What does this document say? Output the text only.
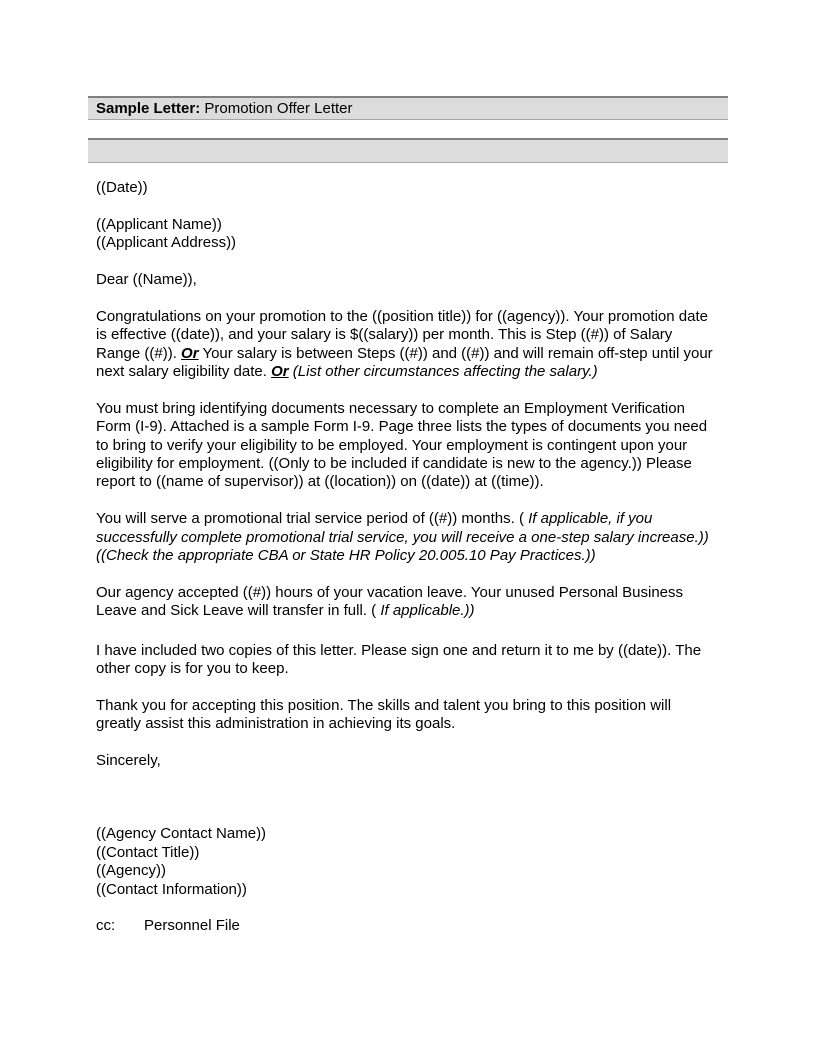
Sample Letter: Promotion Offer Letter

((Date))

((Applicant Name))

((Applicant Address))

Dear ((Name)),

Congratulations on your promotion to the ((position title)) for ((agency)). Your promotion date is effective ((date)), and your salary is $((salary)) per month. This is Step ((#)) of Salary Range ((#)). Or Your salary is between Steps ((#)) and ((#)) and will remain off-step until your next salary eligibility date. Or (List other circumstances affecting the salary.)

You must bring identifying documents necessary to complete an Employment Verification Form (I-9). Attached is a sample Form I-9. Page three lists the types of documents you need to bring to verify your eligibility to be employed. Your employment is contingent upon your eligibility for employment. ((Only to be included if candidate is new to the agency.)) Please report to ((name of supervisor)) at ((location)) on ((date)) at ((time)).

You will serve a promotional trial service period of ((#)) months. ( If applicable, if you successfully complete promotional trial service, you will receive a one-step salary increase.)) ((Check the appropriate CBA or State HR Policy 20.005.10 Pay Practices.))

Our agency accepted ((#)) hours of your vacation leave. Your unused Personal Business Leave and Sick Leave will transfer in full. ( If applicable.))

I have included two copies of this letter. Please sign one and return it to me by ((date)). The other copy is for you to keep.

Thank you for accepting this position. The skills and talent you bring to this position will greatly assist this administration in achieving its goals.

Sincerely,

((Agency Contact Name))

((Contact Title))

((Agency))

((Contact Information))

cc: Personnel File
